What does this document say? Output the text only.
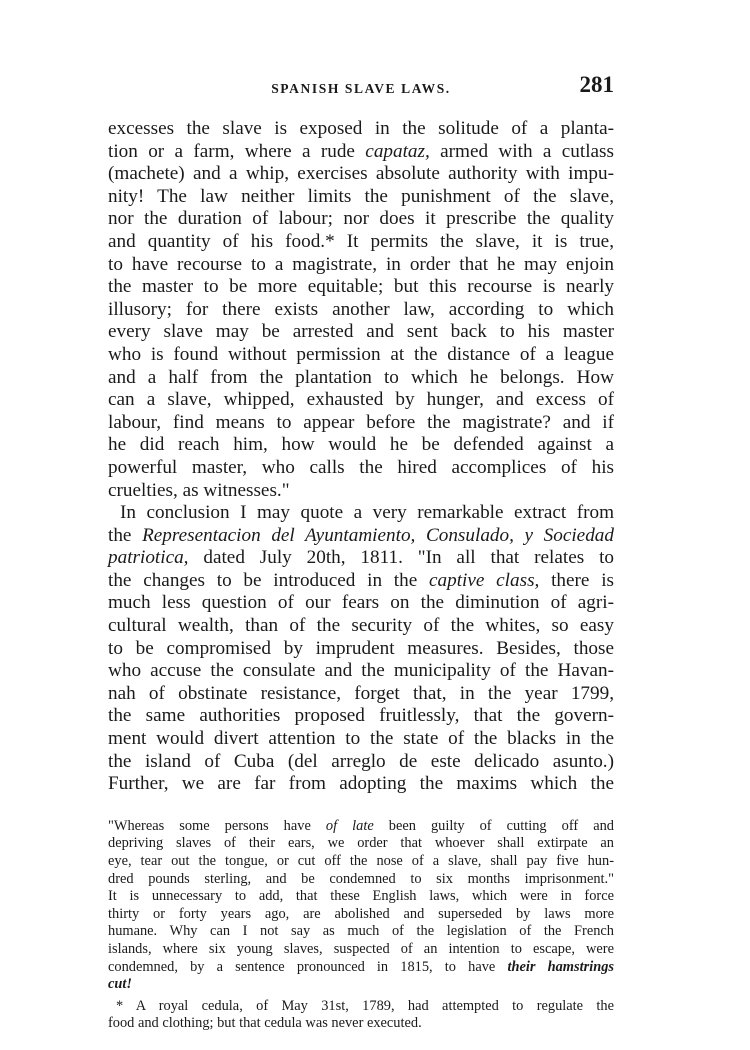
SPANISH SLAVE LAWS.	281
excesses the slave is exposed in the solitude of a planta-
tion or a farm, where a rude capataz, armed with a cutlass
(machete) and a whip, exercises absolute authority with impu-
nity! The law neither limits the punishment of the slave,
nor the duration of labour; nor does it prescribe the quality
and quantity of his food.* It permits the slave, it is true,
to have recourse to a magistrate, in order that he may enjoin
the master to be more equitable; but this recourse is nearly
illusory; for there exists another law, according to which
every slave may be arrested and sent back to his master
who is found without permission at the distance of a league
and a half from the plantation to which he belongs. How
can a slave, whipped, exhausted by hunger, and excess of
labour, find means to appear before the magistrate? and if
he did reach him, how would he be defended against a
powerful master, who calls the hired accomplices of his
cruelties, as witnesses."
In conclusion I may quote a very remarkable extract from
the Representacion del Ayuntamiento, Consulado, y Sociedad
patriotica, dated July 20th, 1811. "In all that relates to
the changes to be introduced in the captive class, there is
much less question of our fears on the diminution of agri-
cultural wealth, than of the security of the whites, so easy
to be compromised by imprudent measures. Besides, those
who accuse the consulate and the municipality of the Havan-
nah of obstinate resistance, forget that, in the year 1799,
the same authorities proposed fruitlessly, that the govern-
ment would divert attention to the state of the blacks in the
the island of Cuba (del arreglo de este delicado asunto.)
Further, we are far from adopting the maxims which the
"Whereas some persons have of late been guilty of cutting off and
depriving slaves of their ears, we order that whoever shall extirpate an
eye, tear out the tongue, or cut off the nose of a slave, shall pay five hun-
dred pounds sterling, and be condemned to six months imprisonment."
It is unnecessary to add, that these English laws, which were in force
thirty or forty years ago, are abolished and superseded by laws more
humane. Why can I not say as much of the legislation of the French
islands, where six young slaves, suspected of an intention to escape, were
condemned, by a sentence pronounced in 1815, to have their hamstrings
cut!
* A royal cedula, of May 31st, 1789, had attempted to regulate the
food and clothing; but that cedula was never executed.
